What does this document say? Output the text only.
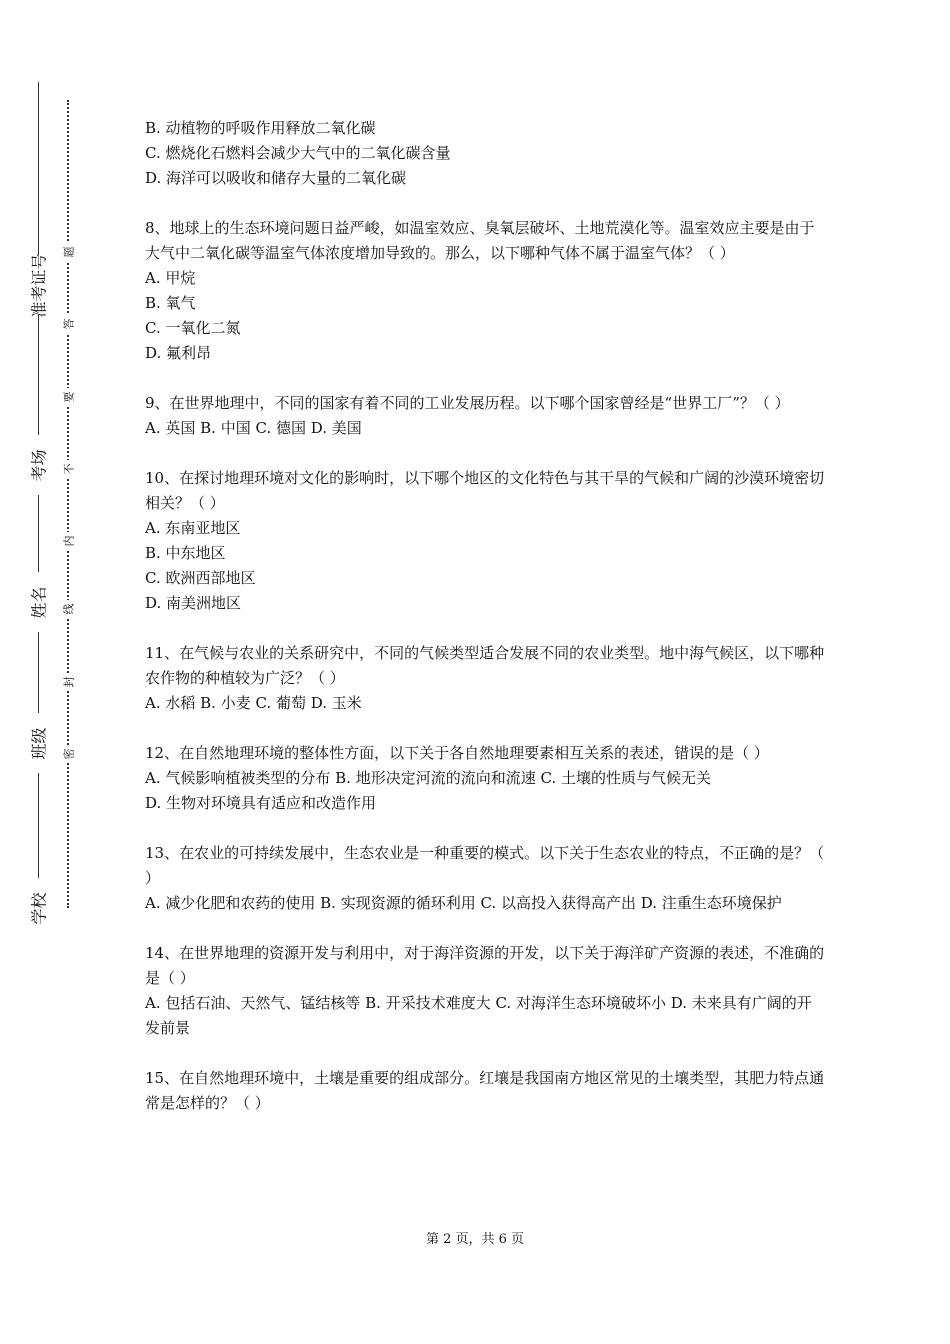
准考证号
考场
姓名
班级
学校
题
答
要
不
内
线
封
密

B. 动植物的呼吸作用释放二氧化碳

C. 燃烧化石燃料会减少大气中的二氧化碳含量

D. 海洋可以吸收和储存大量的二氧化碳

8、地球上的生态环境问题日益严峻，如温室效应、臭氧层破坏、土地荒漠化等。温室效应主要是由于大气中二氧化碳等温室气体浓度增加导致的。那么，以下哪种气体不属于温室气体？（ ）

A. 甲烷

B. 氧气

C. 一氧化二氮

D. 氟利昂

9、在世界地理中，不同的国家有着不同的工业发展历程。以下哪个国家曾经是“世界工厂”？（ ）

A. 英国 B. 中国 C. 德国 D. 美国

10、在探讨地理环境对文化的影响时，以下哪个地区的文化特色与其干旱的气候和广阔的沙漠环境密切相关？（ ）

A. 东南亚地区

B. 中东地区

C. 欧洲西部地区

D. 南美洲地区

11、在气候与农业的关系研究中，不同的气候类型适合发展不同的农业类型。地中海气候区，以下哪种农作物的种植较为广泛？（ ）

A. 水稻 B. 小麦 C. 葡萄 D. 玉米

12、在自然地理环境的整体性方面，以下关于各自然地理要素相互关系的表述，错误的是（ ）

A. 气候影响植被类型的分布 B. 地形决定河流的流向和流速 C. 土壤的性质与气候无关

D. 生物对环境具有适应和改造作用

13、在农业的可持续发展中，生态农业是一种重要的模式。以下关于生态农业的特点，不正确的是？（ ）

A. 减少化肥和农药的使用 B. 实现资源的循环利用 C. 以高投入获得高产出 D. 注重生态环境保护

14、在世界地理的资源开发与利用中，对于海洋资源的开发，以下关于海洋矿产资源的表述，不准确的是（ ）

A. 包括石油、天然气、锰结核等 B. 开采技术难度大 C. 对海洋生态环境破坏小 D. 未来具有广阔的开发前景

15、在自然地理环境中，土壤是重要的组成部分。红壤是我国南方地区常见的土壤类型，其肥力特点通常是怎样的？（ ）

第 2 页，共 6 页
